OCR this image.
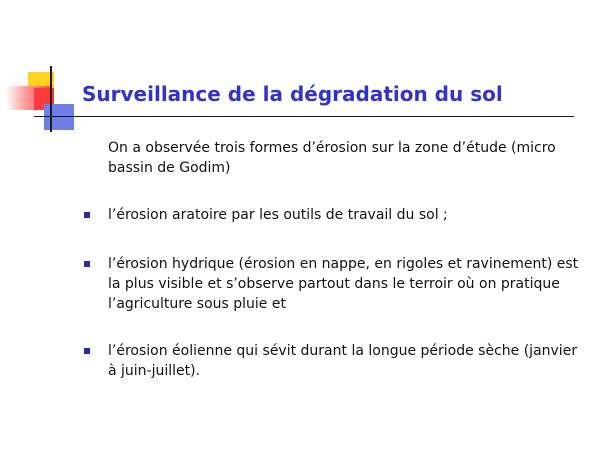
Surveillance de la dégradation du sol
On a observée trois formes d’érosion sur la zone d’étude (micro bassin de Godim)
l’érosion aratoire par les outils de travail du sol ;
l’érosion hydrique (érosion en nappe, en rigoles et ravinement) est la plus visible et s’observe partout dans le terroir où on pratique l’agriculture sous pluie et
l’érosion éolienne qui sévit durant la longue période sèche (janvier à juin-juillet).
